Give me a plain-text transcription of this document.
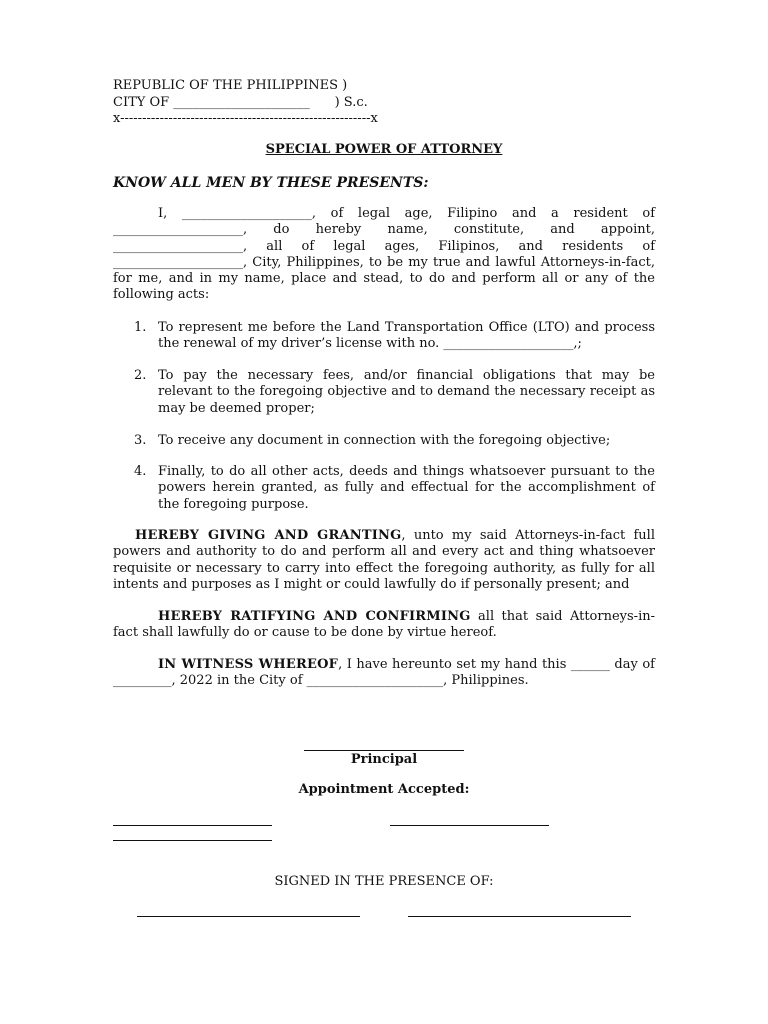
REPUBLIC OF THE PHILIPPINES )
CITY OF _____________________      ) S.c.
x---------------------------------------------------------x
SPECIAL POWER OF ATTORNEY
KNOW ALL MEN BY THESE PRESENTS:
I, ____________________, of legal age, Filipino and a resident of ____________________, do hereby name, constitute, and appoint, ____________________, all of legal ages, Filipinos, and residents of ____________________, City, Philippines, to be my true and lawful Attorneys-in-fact, for me, and in my name, place and stead, to do and perform all or any of the following acts:
1. To represent me before the Land Transportation Office (LTO) and process the renewal of my driver’s license with no. ____________________,;
2. To pay the necessary fees, and/or financial obligations that may be relevant to the foregoing objective and to demand the necessary receipt as may be deemed proper;
3. To receive any document in connection with the foregoing objective;
4. Finally, to do all other acts, deeds and things whatsoever pursuant to the powers herein granted, as fully and effectual for the accomplishment of the foregoing purpose.
HEREBY GIVING AND GRANTING, unto my said Attorneys-in-fact full powers and authority to do and perform all and every act and thing whatsoever requisite or necessary to carry into effect the foregoing authority, as fully for all intents and purposes as I might or could lawfully do if personally present; and
HEREBY RATIFYING AND CONFIRMING all that said Attorneys-in-fact shall lawfully do or cause to be done by virtue hereof.
IN WITNESS WHEREOF, I have hereunto set my hand this ______ day of _________, 2022 in the City of _____________________, Philippines.
Principal
Appointment Accepted:
SIGNED IN THE PRESENCE OF:
